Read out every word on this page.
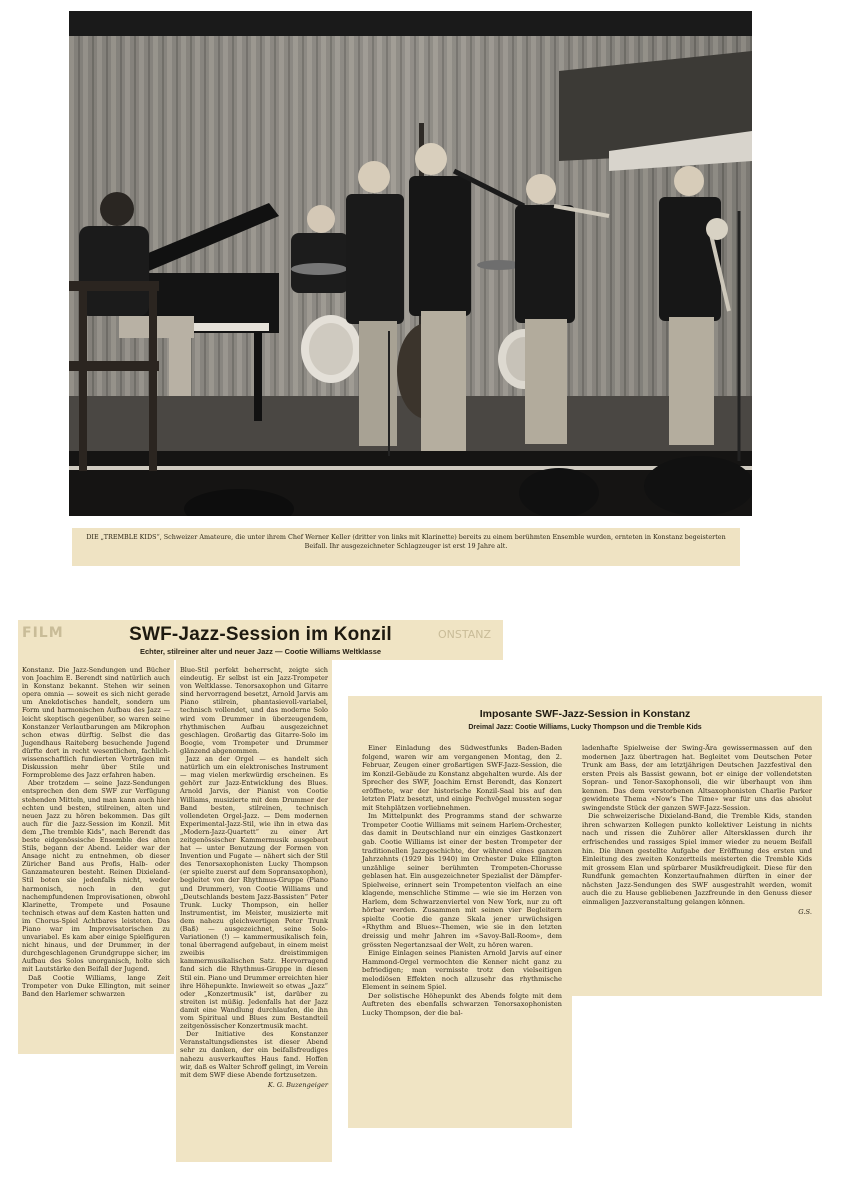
DIE „TREMBLE KIDS“, Schweizer Amateure, die unter ihrem Chef Werner Keller (dritter von links mit Klarinette) bereits zu einem berühmten Ensemble wurden, ernteten in Konstanz begeisterten Beifall. Ihr ausgezeichneter Schlagzeuger ist erst 19 Jahre alt.

FILM	ONSTANZ
SWF-Jazz-Session im Konzil
Echter, stilreiner alter und neuer Jazz — Cootie Williams Weltklasse

Konstanz. Die Jazz-Sendungen und Bücher von Joachim E. Berendt sind natürlich auch in Konstanz bekannt. Stehen wir seinen opera omnia — soweit es sich nicht gerade um Anekdotisches handelt, sondern um Form und harmonischen Aufbau des Jazz — leicht skeptisch gegenüber, so waren seine Konstanzer Verlautbarungen am Mikrophon schon etwas dürftig. Selbst die das Jugendhaus Raiteberg besuchende Jugend dürfte dort in recht wesentlichen, fachlich-wissenschaftlich fundierten Vorträgen mit Diskussion mehr über Stile und Formprobleme des Jazz erfahren haben.

Aber trotzdem — seine Jazz-Sendungen entsprechen den dem SWF zur Verfügung stehenden Mitteln, und man kann auch hier echten und besten, stilreinen, alten und neuen Jazz zu hören bekommen. Das gilt auch für die Jazz-Session im Konzil. Mit dem „The tremble Kids“, nach Berendt das beste eidgenössische Ensemble des alten Stils, begann der Abend. Leider war der Ansage nicht zu entnehmen, ob dieser Züricher Band aus Profis, Halb- oder Ganzamateuren besteht. Reinen Dixieland-Stil boten sie jedenfalls nicht, weder harmonisch, noch in den gut nachempfundenen Improvisationen, obwohl Klarinette, Trompete und Posaune technisch etwas auf dem Kasten hatten und im Chorus-Spiel Achtbares leisteten. Das Piano war im Improvisatorischen zu unvariabel. Es kam aber einige Spielfiguren nicht hinaus, und der Drummer, in der durchgeschlagenen Grundgruppe sicher, im Aufbau des Solos unorganisch, holte sich mit Lautstärke den Beifall der Jugend.

Daß Cootie Williams, lange Zeit Trompeter von Duke Ellington, mit seiner Band den Harlemer schwarzen

Blue-Stil perfekt beherrscht, zeigte sich eindeutig. Er selbst ist ein Jazz-Trompeter von Weltklasse. Tenorsaxophon und Gitarre sind hervorragend besetzt, Arnold Jarvis am Piano stilrein, phantasievoll-variabel, technisch vollendet, und das moderne Solo wird vom Drummer in überzeugendem, rhythmischen Aufbau ausgezeichnet geschlagen. Großartig das Gitarre-Solo im Boogie, vom Trompeter und Drummer glänzend abgenommen.

Jazz an der Orgel — es handelt sich natürlich um ein elektronisches Instrument — mag vielen merkwürdig erscheinen. Es gehört zur Jazz-Entwicklung des Blues. Arnold Jarvis, der Pianist von Cootie Williams, musizierte mit dem Drummer der Band besten, stilreinen, technisch vollendeten Orgel-Jazz. — Dem modernen Experimental-Jazz-Stil, wie ihn in etwa das „Modern-Jazz-Quartett“ zu einer Art zeitgenössischer Kammermusik ausgebaut hat — unter Benutzung der Formen von Invention und Fugate — nähert sich der Stil des Tenorsaxophonisten Lucky Thompson (er spielte zuerst auf dem Sopransaxophon), begleitet von der Rhythmus-Gruppe (Piano und Drummer), von Cootie Williams und „Deutschlands bestem Jazz-Bassisten“ Peter Trunk. Lucky Thompson, ein heller Instrumentist, im Meister, musizierte mit dem nahezu gleichwertigen Peter Trunk (Baß) — ausgezeichnet, seine Solo-Variationen (!) — kammermusikalisch fein, tonal überragend aufgebaut, in einem meist zweibis dreistimmigen kammermusikalischen Satz. Hervorragend fand sich die Rhythmus-Gruppe in diesen Stil ein. Piano und Drummer erreichten hier ihre Höhepunkte. Inwieweit so etwas „Jazz“ oder „Konzertmusik“ ist, darüber zu streiten ist müßig. Jedenfalls hat der Jazz damit eine Wandlung durchlaufen, die ihn vom Spiritual und Blues zum Bestandteil zeitgenössischer Konzertmusik macht.

Der Initiative des Konstanzer Veranstaltungsdienstes ist dieser Abend sehr zu danken, der ein beifallsfreudiges nahezu ausverkauftes Haus fand. Hoffen wir, daß es Walter Schroff gelingt, im Verein mit dem SWF diese Abende fortzusetzen.

K. G. Buzengeiger
Imposante SWF-Jazz-Session in Konstanz
Dreimal Jazz: Cootie Williams, Lucky Thompson und die Tremble Kids

Einer Einladung des Südwestfunks Baden-Baden folgend, waren wir am vergangenen Montag, den 2. Februar, Zeugen einer großartigen SWF-Jazz-Session, die im Konzil-Gebäude zu Konstanz abgehalten wurde. Als der Sprecher des SWF, Joachim Ernst Berendt, das Konzert eröffnete, war der historische Konzil-Saal bis auf den letzten Platz besetzt, und einige Pechvögel mussten sogar mit Stehplätzen vorliebnehmen.

Im Mittelpunkt des Programms stand der schwarze Trompeter Cootie Williams mit seinem Harlem-Orchester, das damit in Deutschland nur ein einziges Gastkonzert gab. Cootie Williams ist einer der besten Trompeter der traditionellen Jazzgeschichte, der während eines ganzen Jahrzehnts (1929 bis 1940) im Orchester Duke Ellington unzählige seiner berühmten Trompeten-Chorusse geblasen hat. Ein ausgezeichneter Spezialist der Dämpfer-Spielweise, erinnert sein Trompetenton vielfach an eine klagende, menschliche Stimme — wie sie im Herzen von Harlem, dem Schwarzenviertel von New York, nur zu oft hörbar werden. Zusammen mit seinen vier Begleitern spielte Cootie die ganze Skala jener urwüchsigen «Rhythm and Blues»-Themen, wie sie in den letzten dreissig und mehr Jahren im «Savoy-Ball-Room», dem grössten Negertanzsaal der Welt, zu hören waren.

Einige Einlagen seines Pianisten Arnold Jarvis auf einer Hammond-Orgel vermochten die Kenner nicht ganz zu befriedigen; man vermisste trotz den vielseitigen melodiösen Effekten noch allzusehr das rhythmische Element in seinem Spiel.

Der solistische Höhepunkt des Abends folgte mit dem Auftreten des ebenfalls schwarzen Tenorsaxophonisten Lucky Thompson, der die bal-

ladenhafte Spielweise der Swing-Ära gewissermassen auf den modernen Jazz übertragen hat. Begleitet vom Deutschen Peter Trunk am Bass, der am letztjährigen Deutschen Jazzfestival den ersten Preis als Bassist gewann, bot er einige der vollendetsten Sopran- und Tenor-Saxophonsoli, die wir überhaupt von ihm kennen. Das dem verstorbenen Altsaxophonisten Charlie Parker gewidmete Thema «Now's The Time» war für uns das absolut swingendste Stück der ganzen SWF-Jazz-Session.

Die schweizerische Dixieland-Band, die Tremble Kids, standen ihren schwarzen Kollegen punkto kollektiver Leistung in nichts nach und rissen die Zuhörer aller Altersklassen durch ihr erfrischendes und rassiges Spiel immer wieder zu neuem Beifall hin. Die ihnen gestellte Aufgabe der Eröffnung des ersten und Einleitung des zweiten Konzertteils meisterten die Tremble Kids mit grossem Elan und spürbarer Musikfreudigkeit. Diese für den Rundfunk gemachten Konzertaufnahmen dürften in einer der nächsten Jazz-Sendungen des SWF ausgestrahlt werden, womit auch die zu Hause gebliebenen Jazzfreunde in den Genuss dieser einmaligen Jazzveranstaltung gelangen können.

G.S.
